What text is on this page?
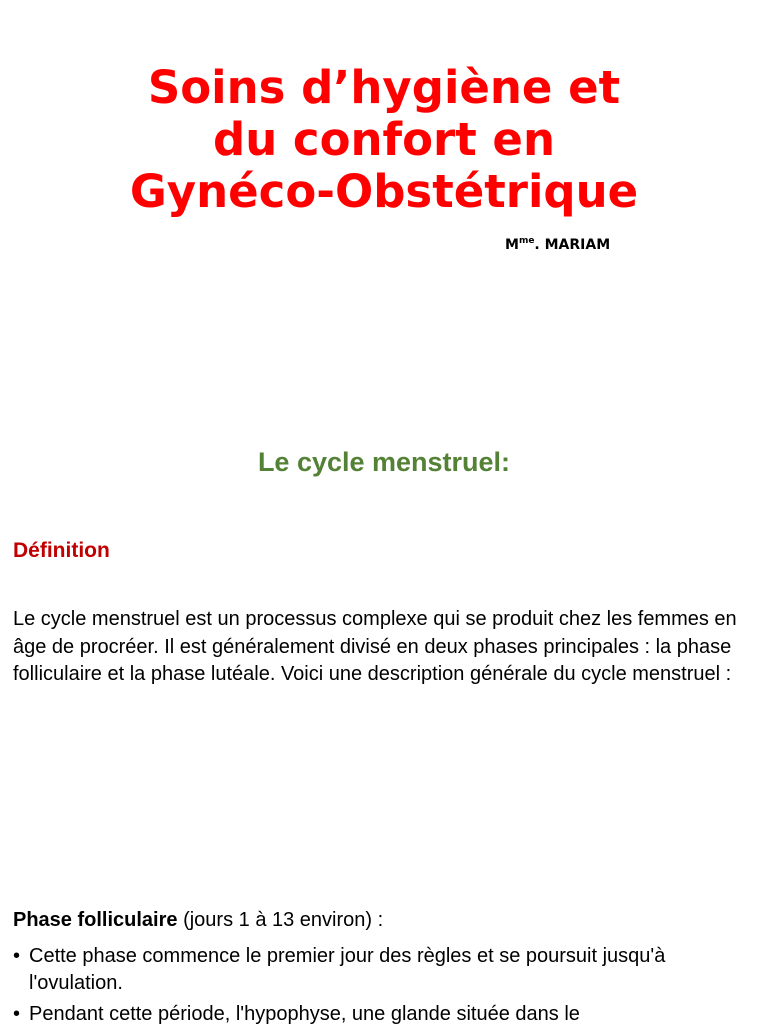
Soins d’hygiène et
du confort en
Gynéco-Obstétrique
$M^{me}$. MARIAM
Le cycle menstruel:
Définition

Le cycle menstruel est un processus complexe qui se produit chez les femmes en âge de procréer. Il est généralement divisé en deux phases principales : la phase folliculaire et la phase lutéale. Voici une description générale du cycle menstruel :

Phase folliculaire (jours 1 à 13 environ) :

• Cette phase commence le premier jour des règles et se poursuit jusqu'à l'ovulation.
• Pendant cette période, l'hypophyse, une glande située dans le
